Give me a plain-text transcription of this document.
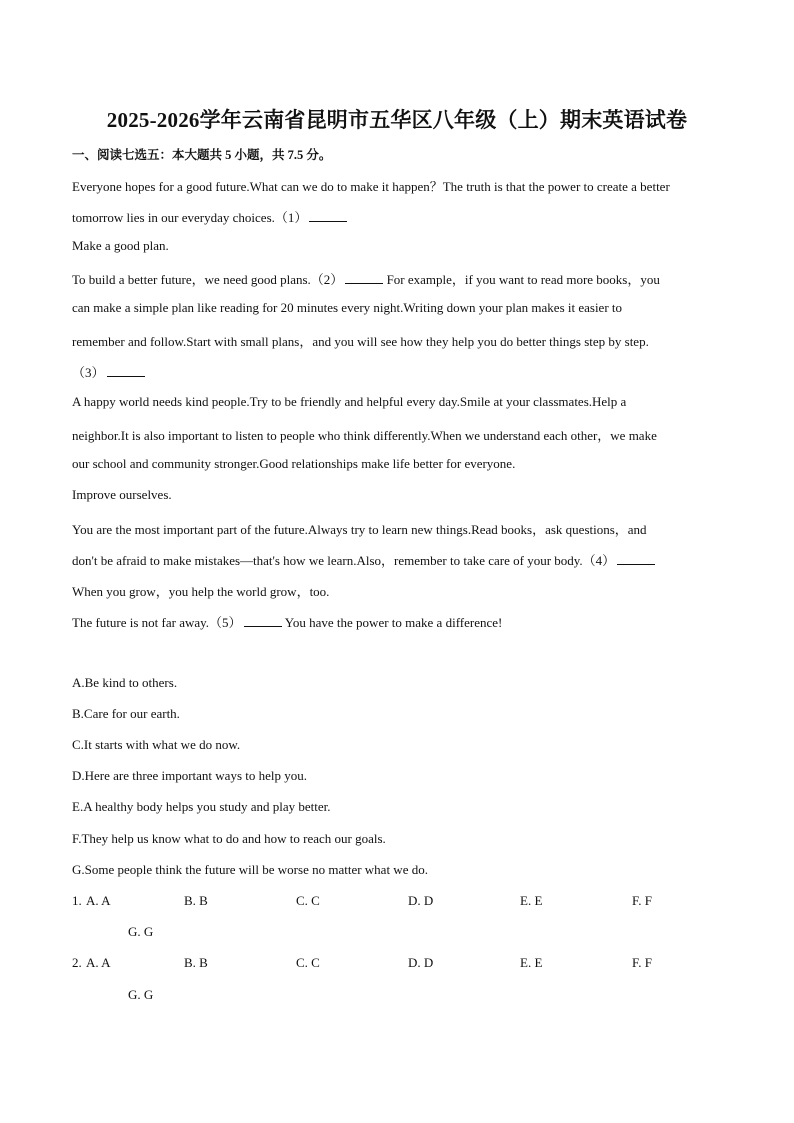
2025-2026学年云南省昆明市五华区八年级（上）期末英语试卷
一、阅读七选五：本大题共 5 小题，共 7.5 分。
Everyone hopes for a good future.What can we do to make it happen？The truth is that the power to create a better
tomorrow lies in our everyday choices.（1）
Make a good plan.
To build a better future，we need good plans.（2）	For example，if you want to read more books，you
can make a simple plan like reading for 20 minutes every night.Writing down your plan makes it easier to
remember and follow.Start with small plans，and you will see how they help you do better things step by step.
（3）
A happy world needs kind people.Try to be friendly and helpful every day.Smile at your classmates.Help a
neighbor.It is also important to listen to people who think differently.When we understand each other，we make
our school and community stronger.Good relationships make life better for everyone.
Improve ourselves.
You are the most important part of the future.Always try to learn new things.Read books，ask questions，and
don't be afraid to make mistakes—that's how we learn.Also，remember to take care of your body.（4）
When you grow，you help the world grow，too.
The future is not far away.（5）	You have the power to make a difference!
A.Be kind to others.
B.Care for our earth.
C.It starts with what we do now.
D.Here are three important ways to help you.
E.A healthy body helps you study and play better.
F.They help us know what to do and how to reach our goals.
G.Some people think the future will be worse no matter what we do.
1. A. A	B. B	C. C	D. D	E. E	F. F
G. G
2. A. A	B. B	C. C	D. D	E. E	F. F
G. G
